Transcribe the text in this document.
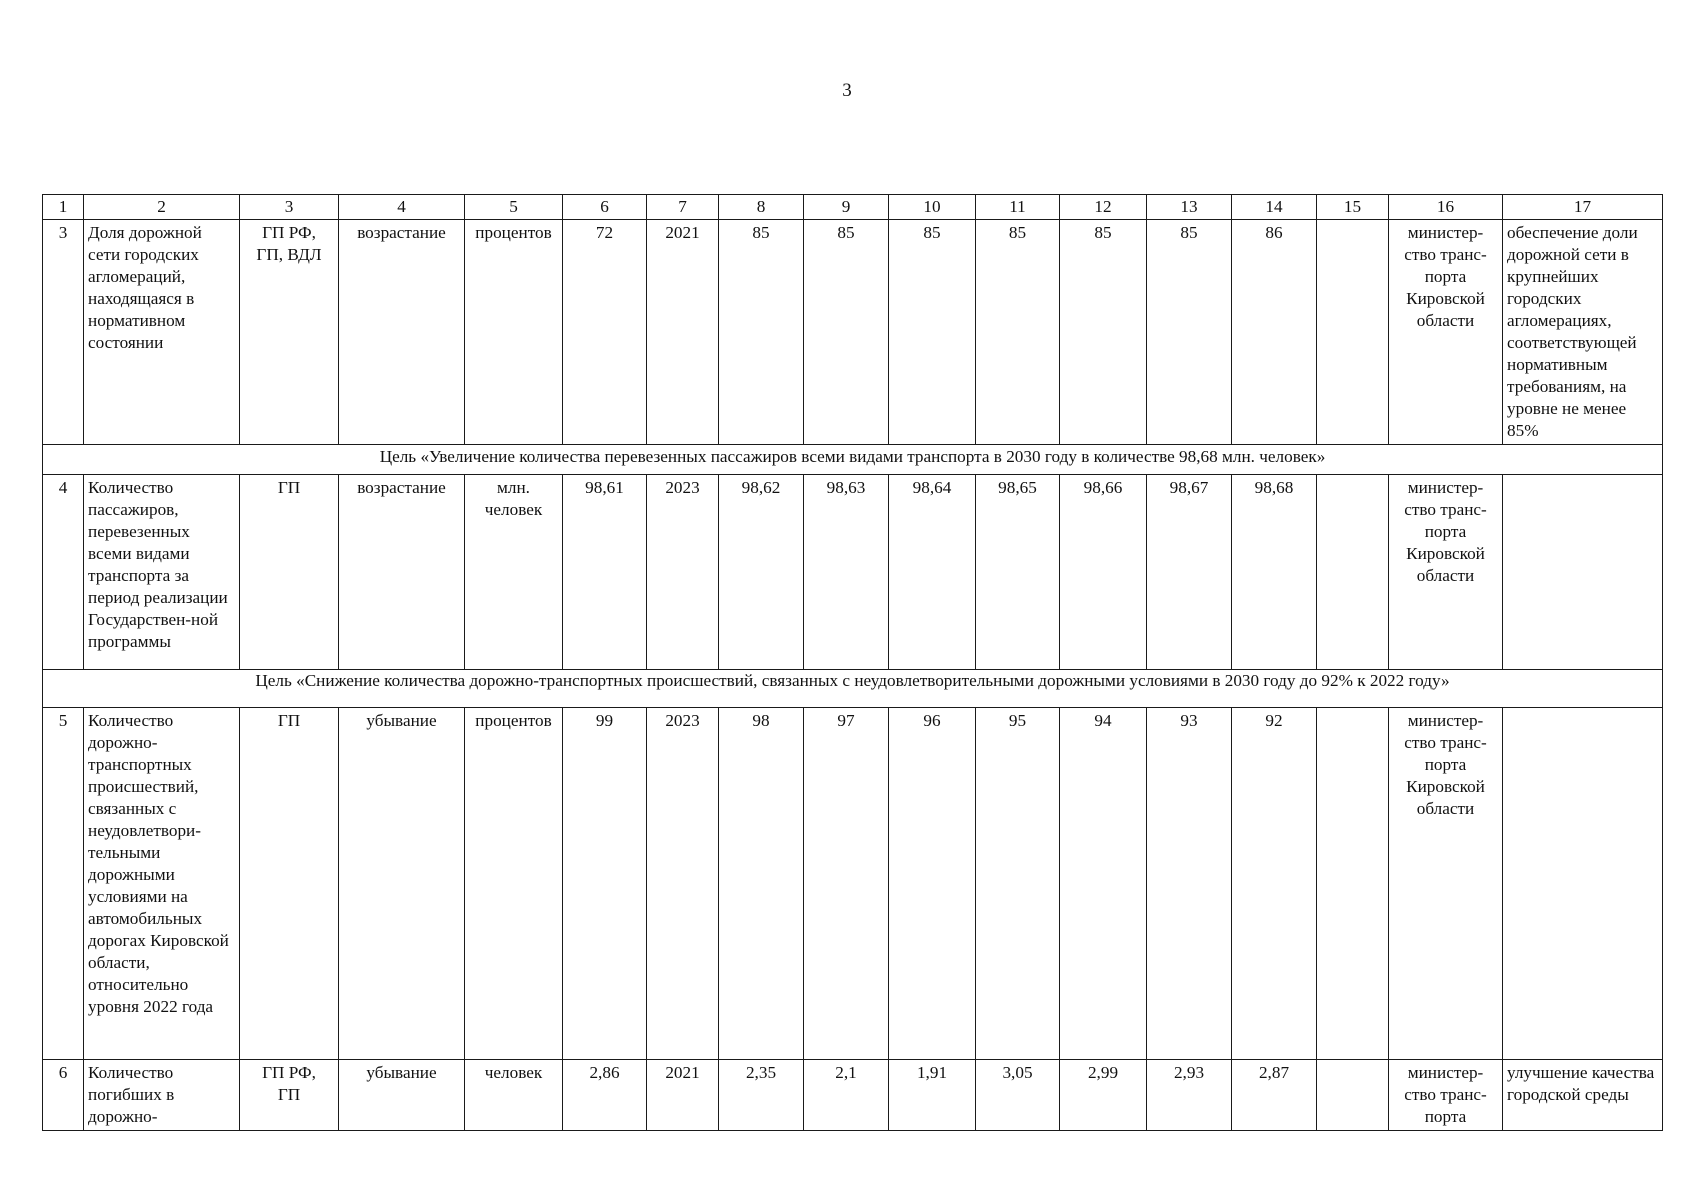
3
1	2	3	4	5	6	7	8	9	10	11	12	13	14	15	16	17
3	Доля дорожной сети городских агломераций, находящаяся в нормативном состоянии	ГП РФ,
ГП, ВДЛ	возрастание	процентов	72	2021	85	85	85	85	85	85	86		министер-
ство транс-
порта
Кировской
области	обеспечение доли дорожной сети в крупнейших городских агломерациях, соответствующей нормативным требованиям, на уровне не менее 85%
Цель «Увеличение количества перевезенных пассажиров всеми видами транспорта в 2030 году в количестве 98,68 млн. человек»																
4	Количество пассажиров, перевезенных всеми видами транспорта за период реализации Государствен-ной программы	ГП	возрастание	млн.
человек	98,61	2023	98,62	98,63	98,64	98,65	98,66	98,67	98,68		министер-
ство транс-
порта
Кировской
области	
Цель «Снижение количества дорожно-транспортных происшествий, связанных с неудовлетворительными дорожными условиями в 2030 году до 92% к 2022 году»																
5	Количество дорожно-транспортных происшествий, связанных с неудовлетвори-тельными дорожными условиями на автомобильных дорогах Кировской области, относительно уровня 2022 года	ГП	убывание	процентов	99	2023	98	97	96	95	94	93	92		министер-
ство транс-
порта
Кировской
области	
6	Количество погибших в дорожно-	ГП РФ,
ГП	убывание	человек	2,86	2021	2,35	2,1	1,91	3,05	2,99	2,93	2,87		министер-
ство транс-
порта	улучшение качества городской среды
